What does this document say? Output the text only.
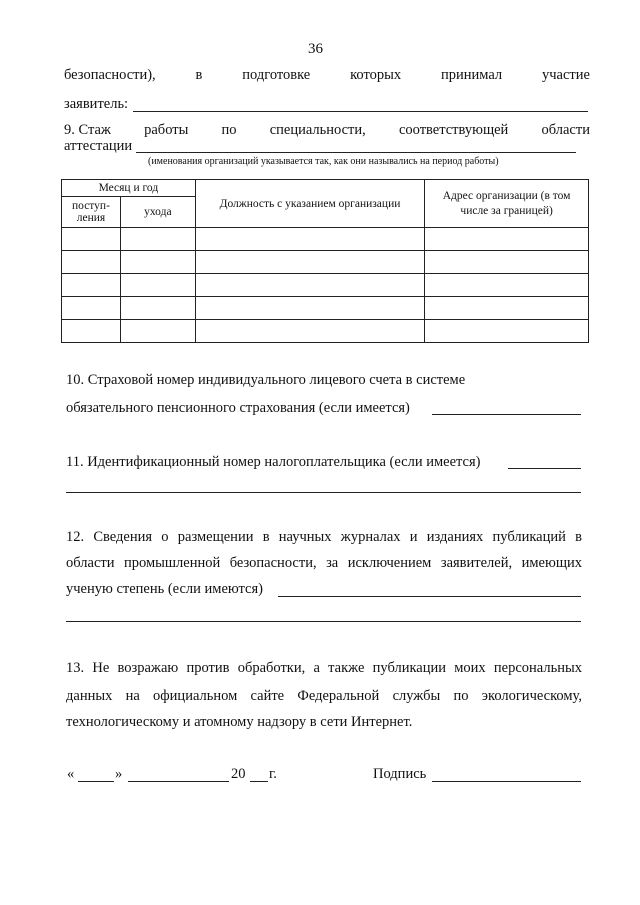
36
безопасности),	в	подготовке	которых	принимал	участие
заявитель:
9. Стаж работы по специальности, соответствующей области
аттестации
(именования организаций указывается так, как они назывались на период работы)
Месяц и год		Должность с указанием организации	Адрес организации (в том числе за границей)
поступ-
ления	ухода		

10. Страховой номер индивидуального лицевого счета в системе
обязательного пенсионного страхования (если имеется)
11. Идентификационный номер налогоплательщика (если имеется)
12. Сведения о размещении в научных журналах и изданиях публикаций в
области промышленной безопасности, за исключением заявителей, имеющих
ученую степень (если имеются)
13. Не возражаю против обработки, а также публикации моих персональных
данных на официальном сайте Федеральной службы по экологическому,
технологическому и атомному надзору в сети Интернет.
«	»	20 г.	Подпись
